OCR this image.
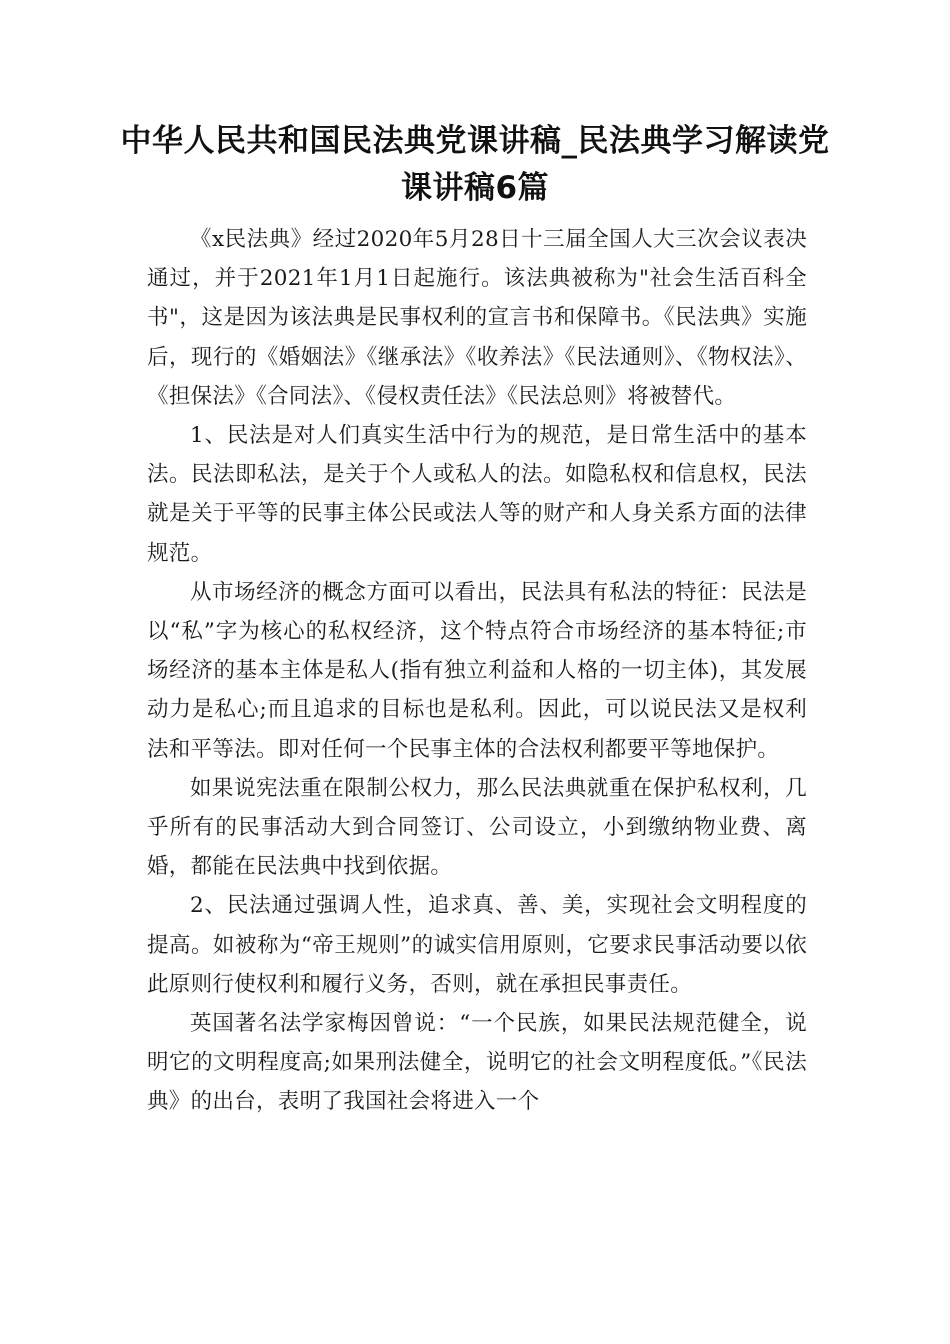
中华人民共和国民法典党课讲稿_民法典学习解读党课讲稿6篇

《x民法典》经过2020年5月28日十三届全国人大三次会议表决通过，并于2021年1月1日起施行。该法典被称为"社会生活百科全书"，这是因为该法典是民事权利的宣言书和保障书。《民法典》实施后，现行的《婚姻法》《继承法》《收养法》《民法通则》、《物权法》、《担保法》《合同法》、《侵权责任法》《民法总则》将被替代。

1、民法是对人们真实生活中行为的规范，是日常生活中的基本法。民法即私法，是关于个人或私人的法。如隐私权和信息权，民法就是关于平等的民事主体公民或法人等的财产和人身关系方面的法律规范。

从市场经济的概念方面可以看出，民法具有私法的特征：民法是以“私”字为核心的私权经济，这个特点符合市场经济的基本特征;市场经济的基本主体是私人(指有独立利益和人格的一切主体)，其发展动力是私心;而且追求的目标也是私利。因此，可以说民法又是权利法和平等法。即对任何一个民事主体的合法权利都要平等地保护。

如果说宪法重在限制公权力，那么民法典就重在保护私权利，几乎所有的民事活动大到合同签订、公司设立，小到缴纳物业费、离婚，都能在民法典中找到依据。

2、民法通过强调人性，追求真、善、美，实现社会文明程度的提高。如被称为“帝王规则”的诚实信用原则，它要求民事活动要以依此原则行使权利和履行义务，否则，就在承担民事责任。

英国著名法学家梅因曾说：“一个民族，如果民法规范健全，说明它的文明程度高;如果刑法健全，说明它的社会文明程度低。”《民法典》的出台，表明了我国社会将进入一个
